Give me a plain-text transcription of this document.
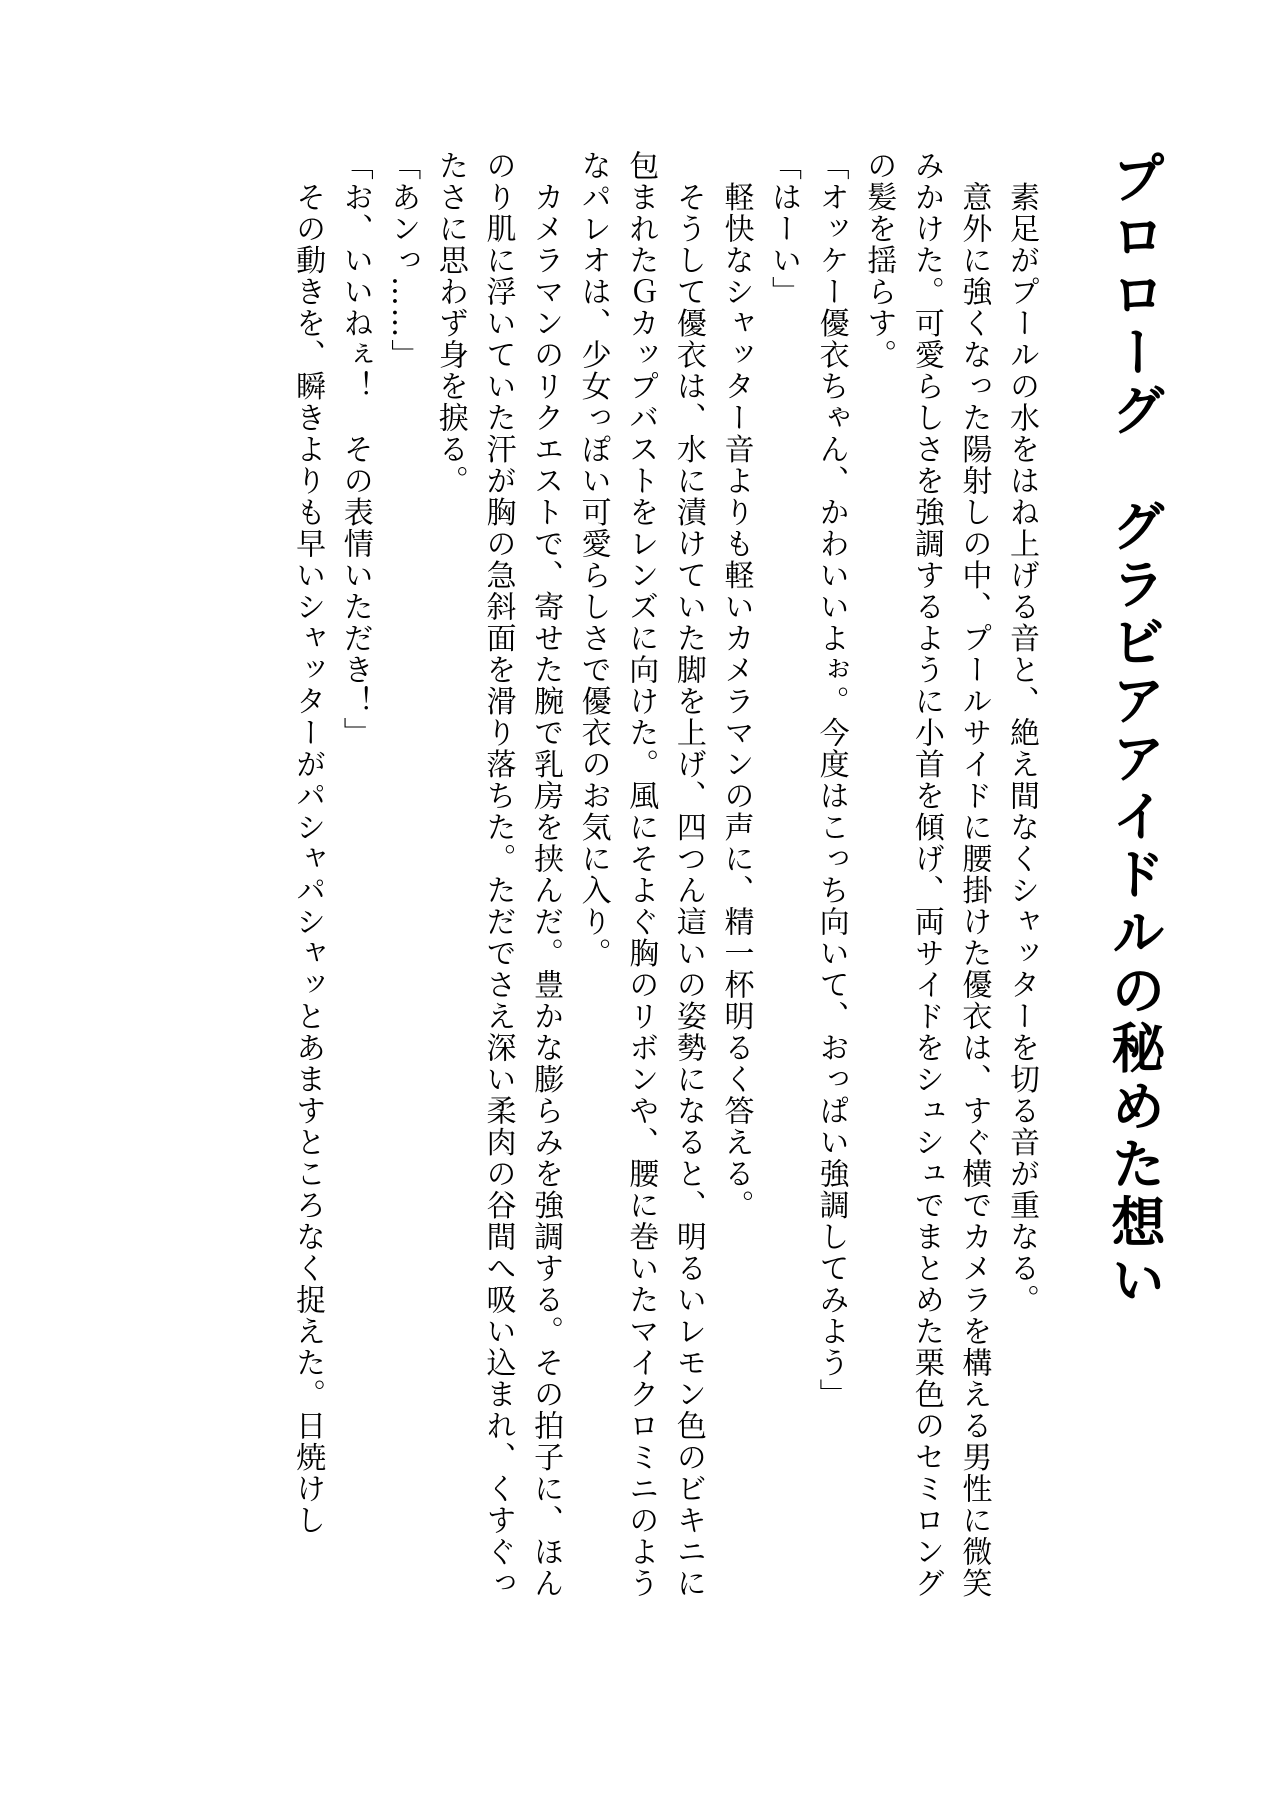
プロローグ　グラビアアイドルの秘めた想い

　素足がプールの水をはね上げる音と、絶え間なくシャッターを切る音が重なる。

　意外に強くなった陽射しの中、プールサイドに腰掛けた優衣は、すぐ横でカメラを構える男性に微笑みかけた。可愛らしさを強調するように小首を傾げ、両サイドをシュシュでまとめた栗色のセミロングの髪を揺らす。

「オッケー優衣ちゃん、かわいいよぉ。今度はこっち向いて、おっぱい強調してみよう」

「はーい」

　軽快なシャッター音よりも軽いカメラマンの声に、精一杯明るく答える。

　そうして優衣は、水に漬けていた脚を上げ、四つん這いの姿勢になると、明るいレモン色のビキニに包まれたＧカップバストをレンズに向けた。風にそよぐ胸のリボンや、腰に巻いたマイクロミニのようなパレオは、少女っぽい可愛らしさで優衣のお気に入り。

　カメラマンのリクエストで、寄せた腕で乳房を挟んだ。豊かな膨らみを強調する。その拍子に、ほんのり肌に浮いていた汗が胸の急斜面を滑り落ちた。ただでさえ深い柔肉の谷間へ吸い込まれ、くすぐったさに思わず身を捩る。

「あンっ……」

「お、いいねぇ！　その表情いただき！」

　その動きを、瞬きよりも早いシャッターがパシャパシャッとあますところなく捉えた。日焼けし
